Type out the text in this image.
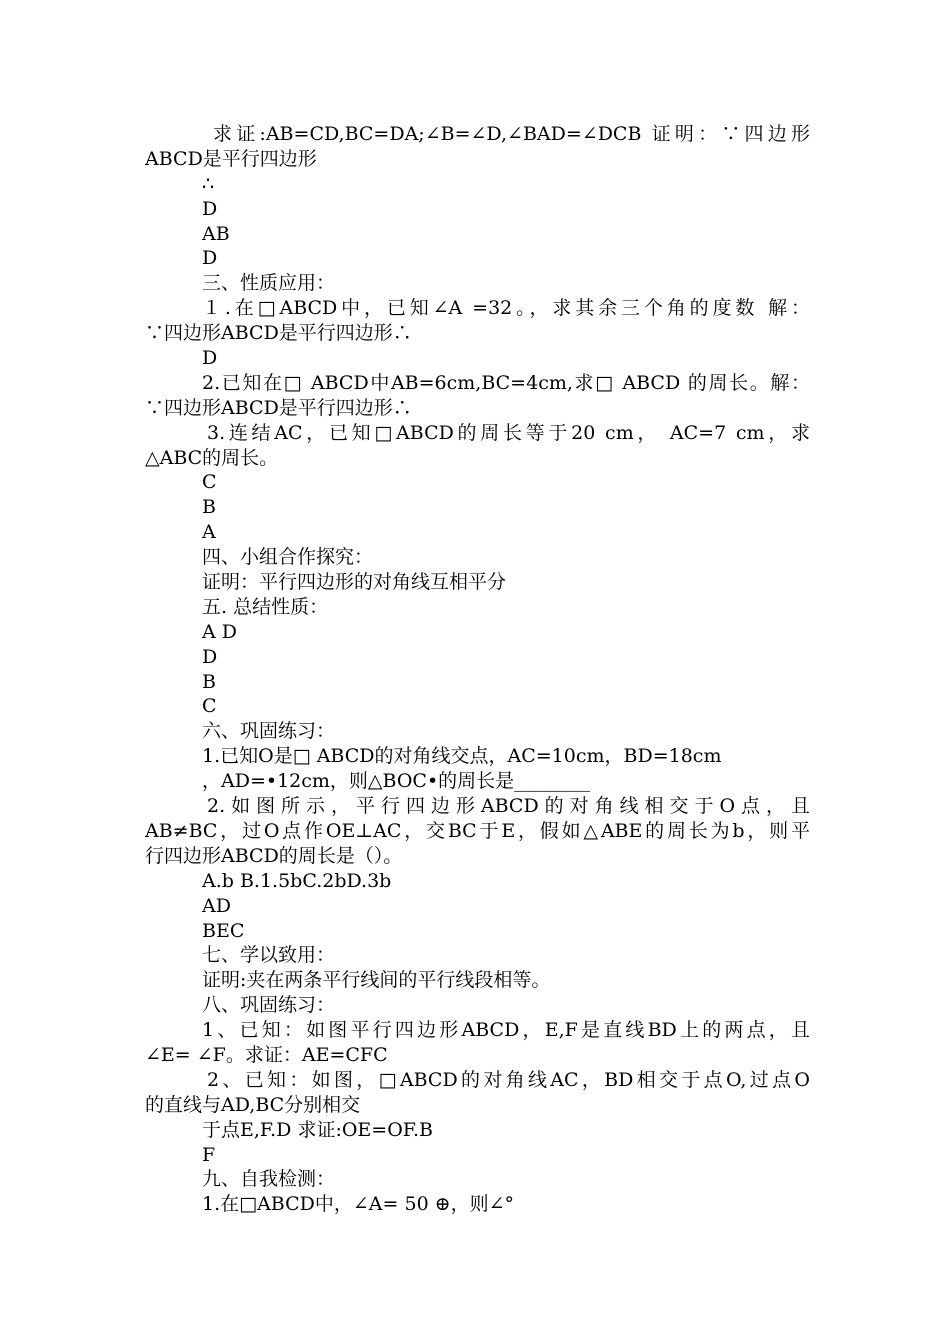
求证:AB=CD,BC=DA;∠B=∠D,∠BAD=∠DCB 证明：∵四边形
ABCD是平行四边形
∴
D
AB
D
三、性质应用：
１.在□ABCD中，已知∠A =32。，求其余三个角的度数 解：
∵四边形ABCD是平行四边形∴
D
2.已知在□ ABCD中AB=6cm,BC=4cm,求□ ABCD 的周长。解：
∵四边形ABCD是平行四边形∴
3.连结AC，已知□ABCD的周长等于20 cm， AC=7 cm，求
△ABC的周长。
C
B
A
四、小组合作探究：
证明：平行四边形的对角线互相平分
五. 总结性质：
A D
D
B
C
六、巩固练习：
1.已知O是□ ABCD的对角线交点，AC=10cm，BD=18cm
，AD=•12cm，则△BOC•的周长是________
2.如图所示，平行四边形ABCD的对角线相交于O点，且
AB≠BC，过O点作OE⊥AC，交BC于E，假如△ABE的周长为b，则平
行四边形ABCD的周长是（）。
A.b B.1.5bC.2bD.3b
AD
BEC
七、学以致用：
证明:夹在两条平行线间的平行线段相等。
八、巩固练习：
1、已知：如图平行四边形ABCD，E,F是直线BD上的两点，且
∠E= ∠F。求证：AE=CFC
2、已知：如图，□ABCD的对角线AC，BD相交于点O,过点O
的直线与AD,BC分别相交
于点E,F.D 求证:OE=OF.B
F
九、自我检测：
1.在□ABCD中，∠A= 50 ⊕，则∠°
